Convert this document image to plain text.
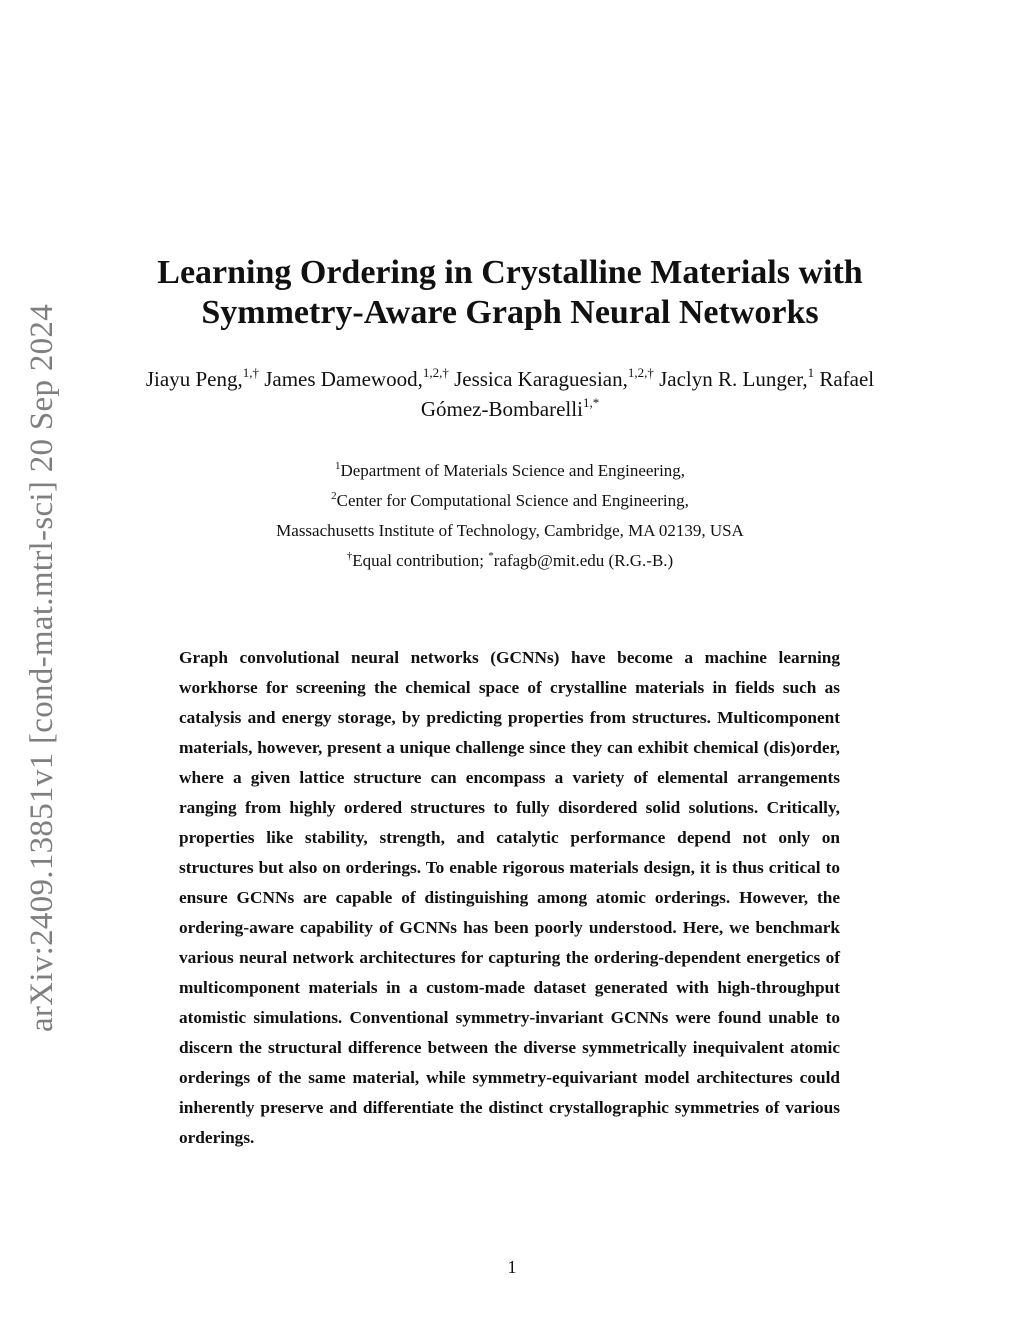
arXiv:2409.13851v1 [cond-mat.mtrl-sci] 20 Sep 2024
Learning Ordering in Crystalline Materials with
Symmetry-Aware Graph Neural Networks

Jiayu Peng,$^{1,\dagger}$ James Damewood,$^{1,2,\dagger}$ Jessica Karaguesian,$^{1,2,\dagger}$ Jaclyn R. Lunger,$^1$ Rafael Gómez-Bombarelli$^{1,*}$

$^1$Department of Materials Science and Engineering,
$^2$Center for Computational Science and Engineering,
Massachusetts Institute of Technology, Cambridge, MA 02139, USA
†Equal contribution; *rafagb@mit.edu (R.G.-B.)

Graph convolutional neural networks (GCNNs) have become a machine learning workhorse for screening the chemical space of crystalline materials in fields such as catalysis and energy storage, by predicting properties from structures. Multicomponent materials, however, present a unique challenge since they can exhibit chemical (dis)order, where a given lattice structure can encompass a variety of elemental arrangements ranging from highly ordered structures to fully disordered solid solutions. Critically, properties like stability, strength, and catalytic performance depend not only on structures but also on orderings. To enable rigorous materials design, it is thus critical to ensure GCNNs are capable of distinguishing among atomic orderings. However, the ordering-aware capability of GCNNs has been poorly understood. Here, we benchmark various neural network architectures for capturing the ordering-dependent energetics of multicomponent materials in a custom-made dataset generated with high-throughput atomistic simulations. Conventional symmetry-invariant GCNNs were found unable to discern the structural difference between the diverse symmetrically inequivalent atomic orderings of the same material, while symmetry-equivariant model architectures could inherently preserve and differentiate the distinct crystallographic symmetries of various orderings.

1
